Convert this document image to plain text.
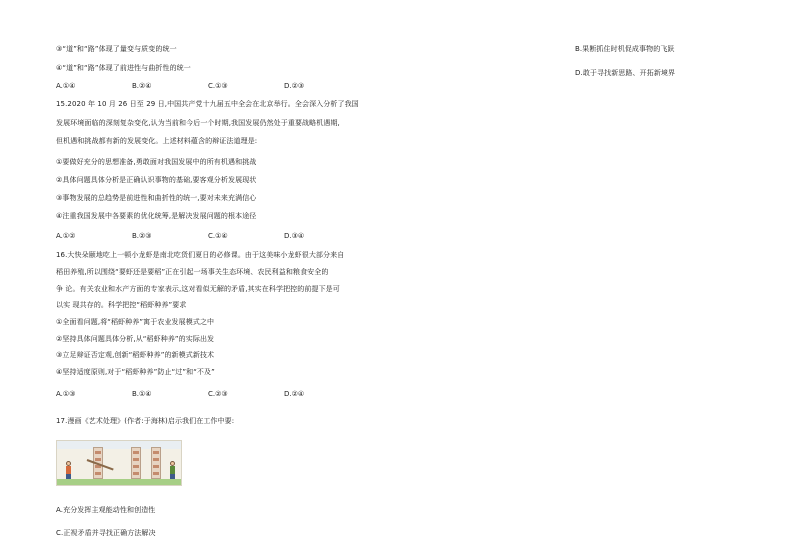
③“道”和“路”体现了量变与质变的统一
④“道”和“路”体现了前进性与曲折性的统一
A.①④	B.②④	C.①③	D.②③
B.果断抓住时机促成事物的飞跃
D.敢于寻找新思路、开拓新境界
15.2020 年 10 月 26 日至 29 日,中国共产党十九届五中全会在北京举行。全会深入分析了我国
发展环境面临的深刻复杂变化,认为当前和今后一个时期,我国发展仍然处于重要战略机遇期,
但机遇和挑战都有新的发展变化。上述材料蕴含的辩证法道理是:
①要做好充分的思想准备,勇敢面对我国发展中的所有机遇和挑战
②具体问题具体分析是正确认识事物的基础,要客观分析发展现状
③事物发展的总趋势是前进性和曲折性的统一,要对未来充满信心
④注重我国发展中各要素的优化统筹,是解决发展问题的根本途径
A.①②	B.②③	C.①④	D.③④
16.大快朵颐地吃上一顿小龙虾是南北吃货们夏日的必修课。由于这美味小龙虾很大部分来自
稻田养殖,所以围绕“要虾还是要稻”正在引起一场事关生态环境、农民利益和粮食安全的
争 论。有关农业和水产方面的专家表示,这对看似无解的矛盾,其实在科学把控的前提下是可
以实 现共存的。科学把控“稻虾种养”要求
①全面看问题,将“稻虾种养”寓于农业发展模式之中
②坚持具体问题具体分析,从“稻虾种养”的实际出发
③立足辩证否定观,创新“稻虾种养”的新模式新技术
④坚持适度原则,对于“稻虾种养”防止“过”和“不及”
A.①③	B.①④	C.②③	D.②④
17.漫画《艺术处理》(作者:于海林)启示我们在工作中要:
A.充分发挥主观能动性和创造性
C.正视矛盾并寻找正确方法解决
